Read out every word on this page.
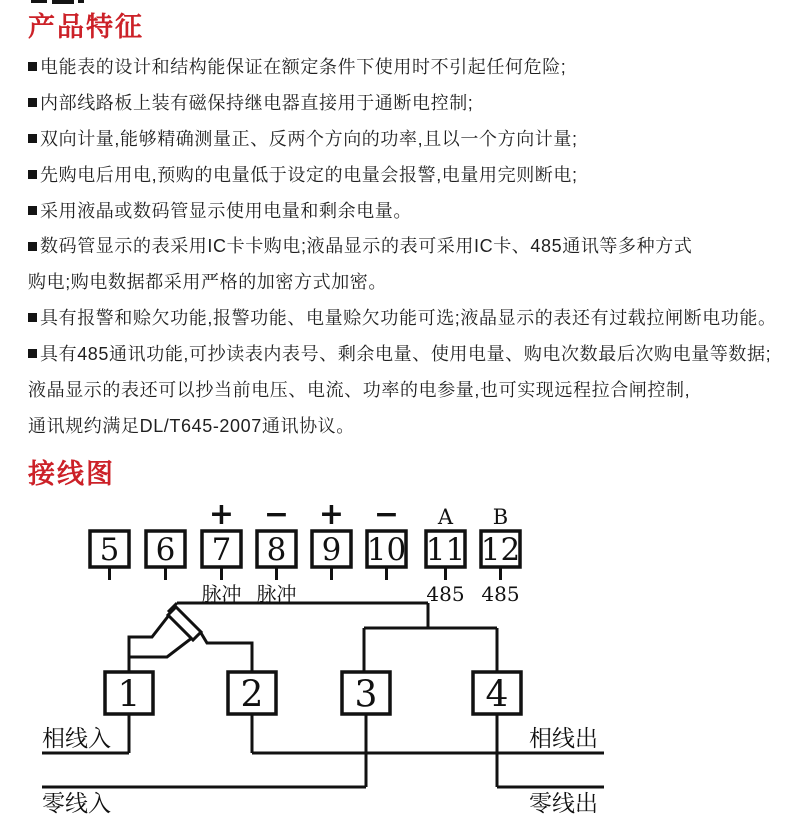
产品特征
电能表的设计和结构能保证在额定条件下使用时不引起任何危险;
内部线路板上装有磁保持继电器直接用于通断电控制;
双向计量,能够精确测量正、反两个方向的功率,且以一个方向计量;
先购电后用电,预购的电量低于设定的电量会报警,电量用完则断电;
采用液晶或数码管显示使用电量和剩余电量。
数码管显示的表采用IC卡卡购电;液晶显示的表可采用IC卡、485通讯等多种方式
购电;购电数据都采用严格的加密方式加密。
具有报警和赊欠功能,报警功能、电量赊欠功能可选;液晶显示的表还有过载拉闸断电功能。
具有485通讯功能,可抄读表内表号、剩余电量、使用电量、购电次数最后次购电量等数据;
液晶显示的表还可以抄当前电压、电流、功率的电参量,也可实现远程拉合闸控制,
通讯规约满足DL/T645-2007通讯协议。
接线图
5 6 7
+
脉冲
8
−
脉冲
9
+
10
−
11
A
485
12
B
485
1	2	3	4
相线入	相线出
零线入	零线出
